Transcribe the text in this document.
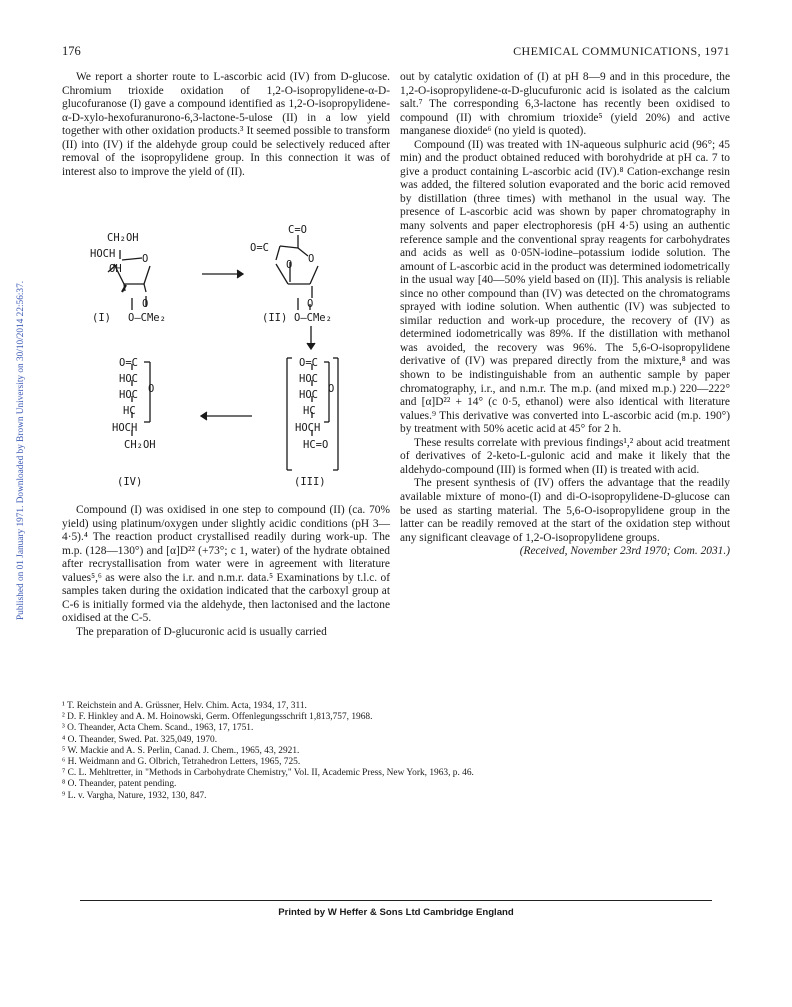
Published on 01 January 1971. Downloaded by Brown University on 30/10/2014 22:56:37.
176	CHEMICAL COMMUNICATIONS, 1971

We report a shorter route to L-ascorbic acid (IV) from D-glucose. Chromium trioxide oxidation of 1,2-O-isopropylidene-α-D-glucofuranose (I) gave a compound identified as 1,2-O-isopropylidene-α-D-xylo-hexofuranurono-6,3-lactone-5-ulose (II) in a low yield together with other oxidation products.³ It seemed possible to transform (II) into (IV) if the aldehyde group could be selectively reduced after removal of the isopropylidene group. In this connection it was of interest also to improve the yield of (II).

CH₂OH
HOCH	O
OH
O
O–CMe₂
(I)
C=O
O=C
O
O
O
O–CMe₂
(II)
O=C
HOC
O
HOC
HC
HOCH
HC=O
(III)
O=C
HOC
O
HOC
HC
HOCH
CH₂OH
(IV)

Compound (I) was oxidised in one step to compound (II) (ca. 70% yield) using platinum/oxygen under slightly acidic conditions (pH 3—4·5).⁴ The reaction product crystallised readily during work-up. The m.p. (128—130°) and [α]D²² (+73°; c 1, water) of the hydrate obtained after recrystallisation from water were in agreement with literature values⁵,⁶ as were also the i.r. and n.m.r. data.⁵ Examinations by t.l.c. of samples taken during the oxidation indicated that the carboxyl group at C-6 is initially formed via the aldehyde, then lactonised and the lactone oxidised at the C-5.

The preparation of D-glucuronic acid is usually carried

out by catalytic oxidation of (I) at pH 8—9 and in this procedure, the 1,2-O-isopropylidene-α-D-glucufuronic acid is isolated as the calcium salt.⁷ The corresponding 6,3-lactone has recently been oxidised to compound (II) with chromium trioxide⁵ (yield 20%) and active manganese dioxide⁶ (no yield is quoted).

Compound (II) was treated with 1N-aqueous sulphuric acid (96°; 45 min) and the product obtained reduced with borohydride at pH ca. 7 to give a product containing L-ascorbic acid (IV).⁸ Cation-exchange resin was added, the filtered solution evaporated and the boric acid removed by distillation (three times) with methanol in the usual way. The presence of L-ascorbic acid was shown by paper chromatography in many solvents and paper electrophoresis (pH 4·5) using an authentic reference sample and the conventional spray reagents for carbohydrates and acids as well as 0·05N-iodine–potassium iodide solution. The amount of L-ascorbic acid in the product was determined iodometrically in the usual way [40—50% yield based on (II)]. This analysis is reliable since no other compound than (IV) was detected on the chromatograms sprayed with iodine solution. When authentic (IV) was subjected to similar reduction and work-up procedure, the recovery of (IV) as determined iodometrically was 89%. If the distillation with methanol was avoided, the recovery was 96%. The 5,6-O-isopropylidene derivative of (IV) was prepared directly from the mixture,⁸ and was shown to be indistinguishable from an authentic sample by paper chromatography, i.r., and n.m.r. The m.p. (and mixed m.p.) 220—222° and [α]D²² + 14° (c 0·5, ethanol) were also identical with literature values.⁹ This derivative was converted into L-ascorbic acid (m.p. 190°) by treatment with 50% acetic acid at 45° for 2 h.

These results correlate with previous findings¹,² about acid treatment of derivatives of 2-keto-L-gulonic acid and make it likely that the aldehydo-compound (III) is formed when (II) is treated with acid.

The present synthesis of (IV) offers the advantage that the readily available mixture of mono-(I) and di-O-isopropylidene-D-glucose can be used as starting material. The 5,6-O-isopropylidene group in the latter can be readily removed at the start of the oxidation step without any significant cleavage of 1,2-O-isopropylidene groups.

(Received, November 23rd 1970; Com. 2031.)

¹ T. Reichstein and A. Grüssner, Helv. Chim. Acta, 1934, 17, 311.
² D. F. Hinkley and A. M. Hoinowski, Germ. Offenlegungsschrift 1,813,757, 1968.
³ O. Theander, Acta Chem. Scand., 1963, 17, 1751.
⁴ O. Theander, Swed. Pat. 325,049, 1970.
⁵ W. Mackie and A. S. Perlin, Canad. J. Chem., 1965, 43, 2921.
⁶ H. Weidmann and G. Olbrich, Tetrahedron Letters, 1965, 725.
⁷ C. L. Mehltretter, in "Methods in Carbohydrate Chemistry," Vol. II, Academic Press, New York, 1963, p. 46.
⁸ O. Theander, patent pending.
⁹ L. v. Vargha, Nature, 1932, 130, 847.
Printed by W Heffer & Sons Ltd Cambridge England
